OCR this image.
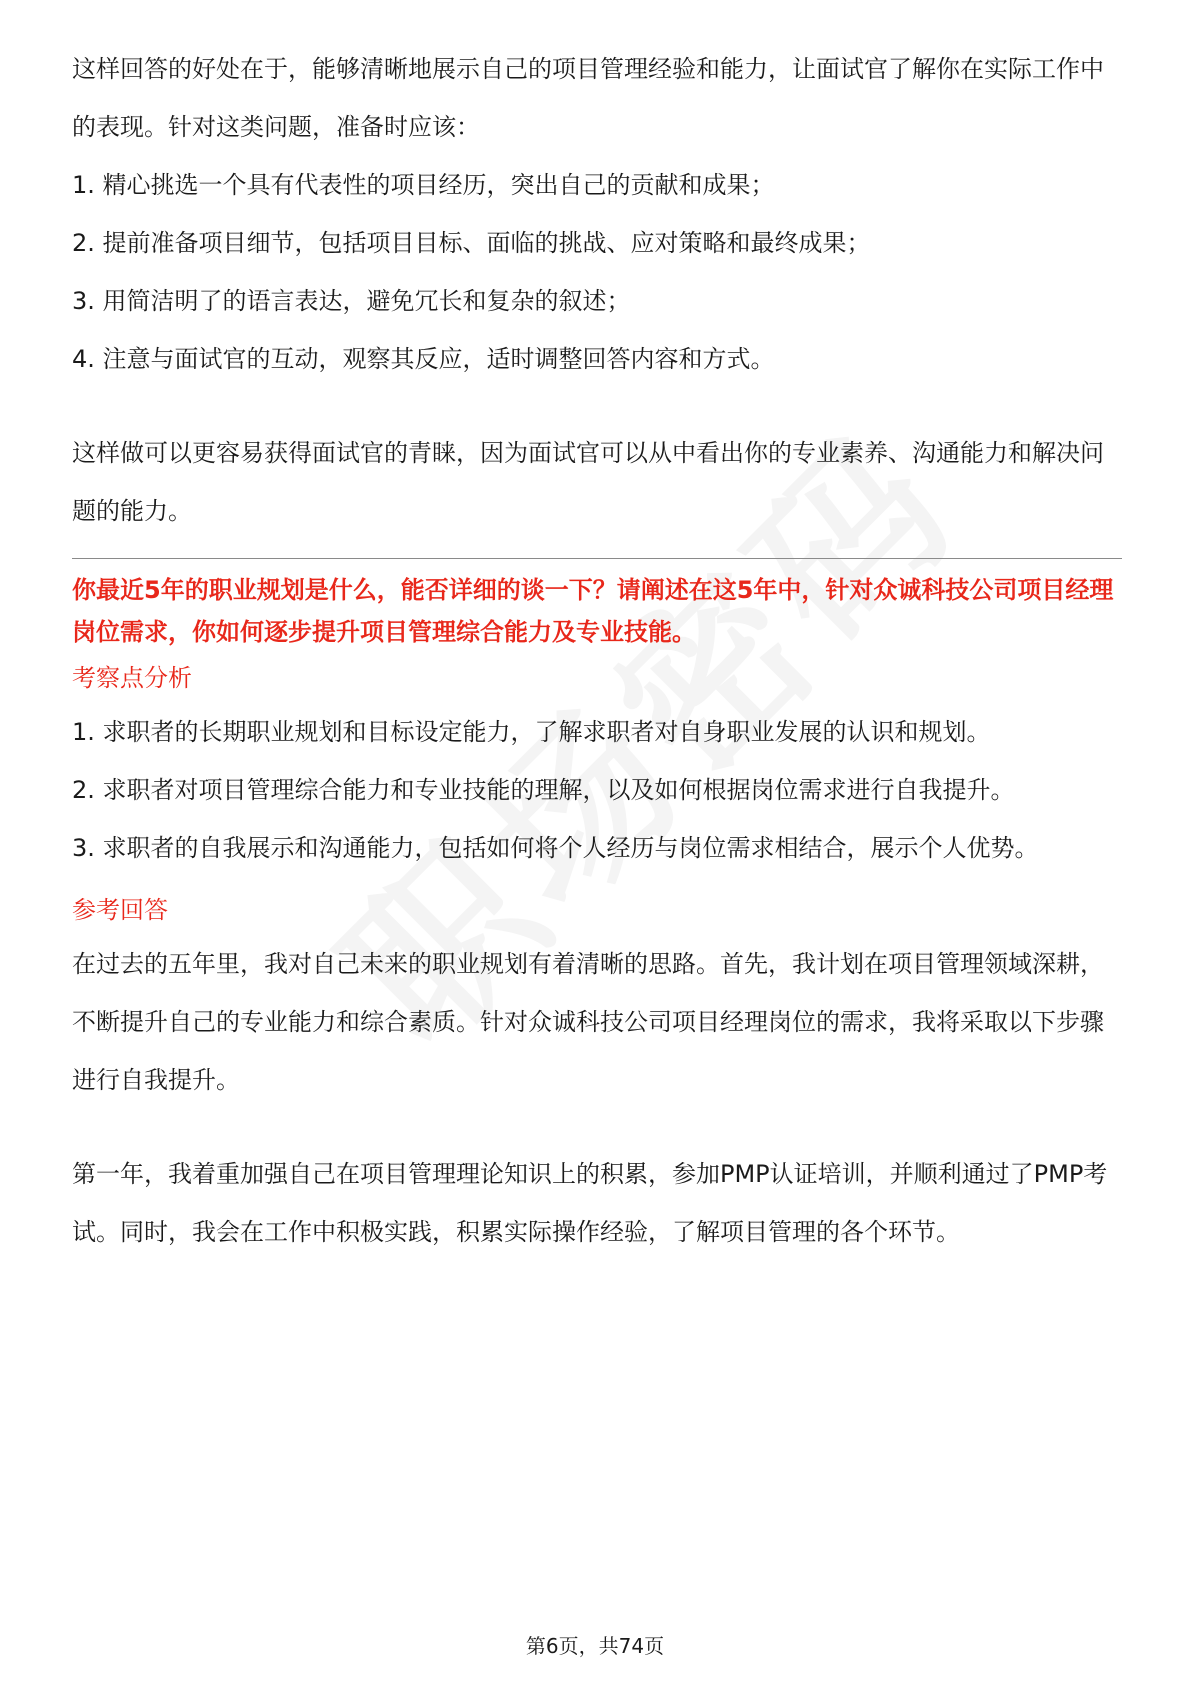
这样回答的好处在于，能够清晰地展示自己的项目管理经验和能力，让面试官了解你在实际工作中的表现。针对这类问题，准备时应该：

1. 精心挑选一个具有代表性的项目经历，突出自己的贡献和成果；

2. 提前准备项目细节，包括项目目标、面临的挑战、应对策略和最终成果；

3. 用简洁明了的语言表达，避免冗长和复杂的叙述；

4. 注意与面试官的互动，观察其反应，适时调整回答内容和方式。

这样做可以更容易获得面试官的青睐，因为面试官可以从中看出你的专业素养、沟通能力和解决问题的能力。

你最近5年的职业规划是什么，能否详细的谈一下？请阐述在这5年中，针对众诚科技公司项目经理岗位需求，你如何逐步提升项目管理综合能力及专业技能。

考察点分析

1. 求职者的长期职业规划和目标设定能力，了解求职者对自身职业发展的认识和规划。

2. 求职者对项目管理综合能力和专业技能的理解，以及如何根据岗位需求进行自我提升。

3. 求职者的自我展示和沟通能力，包括如何将个人经历与岗位需求相结合，展示个人优势。

参考回答

在过去的五年里，我对自己未来的职业规划有着清晰的思路。首先，我计划在项目管理领域深耕，不断提升自己的专业能力和综合素质。针对众诚科技公司项目经理岗位的需求，我将采取以下步骤进行自我提升。

第一年，我着重加强自己在项目管理理论知识上的积累，参加PMP认证培训，并顺利通过了PMP考试。同时，我会在工作中积极实践，积累实际操作经验，了解项目管理的各个环节。

第6页，共74页
